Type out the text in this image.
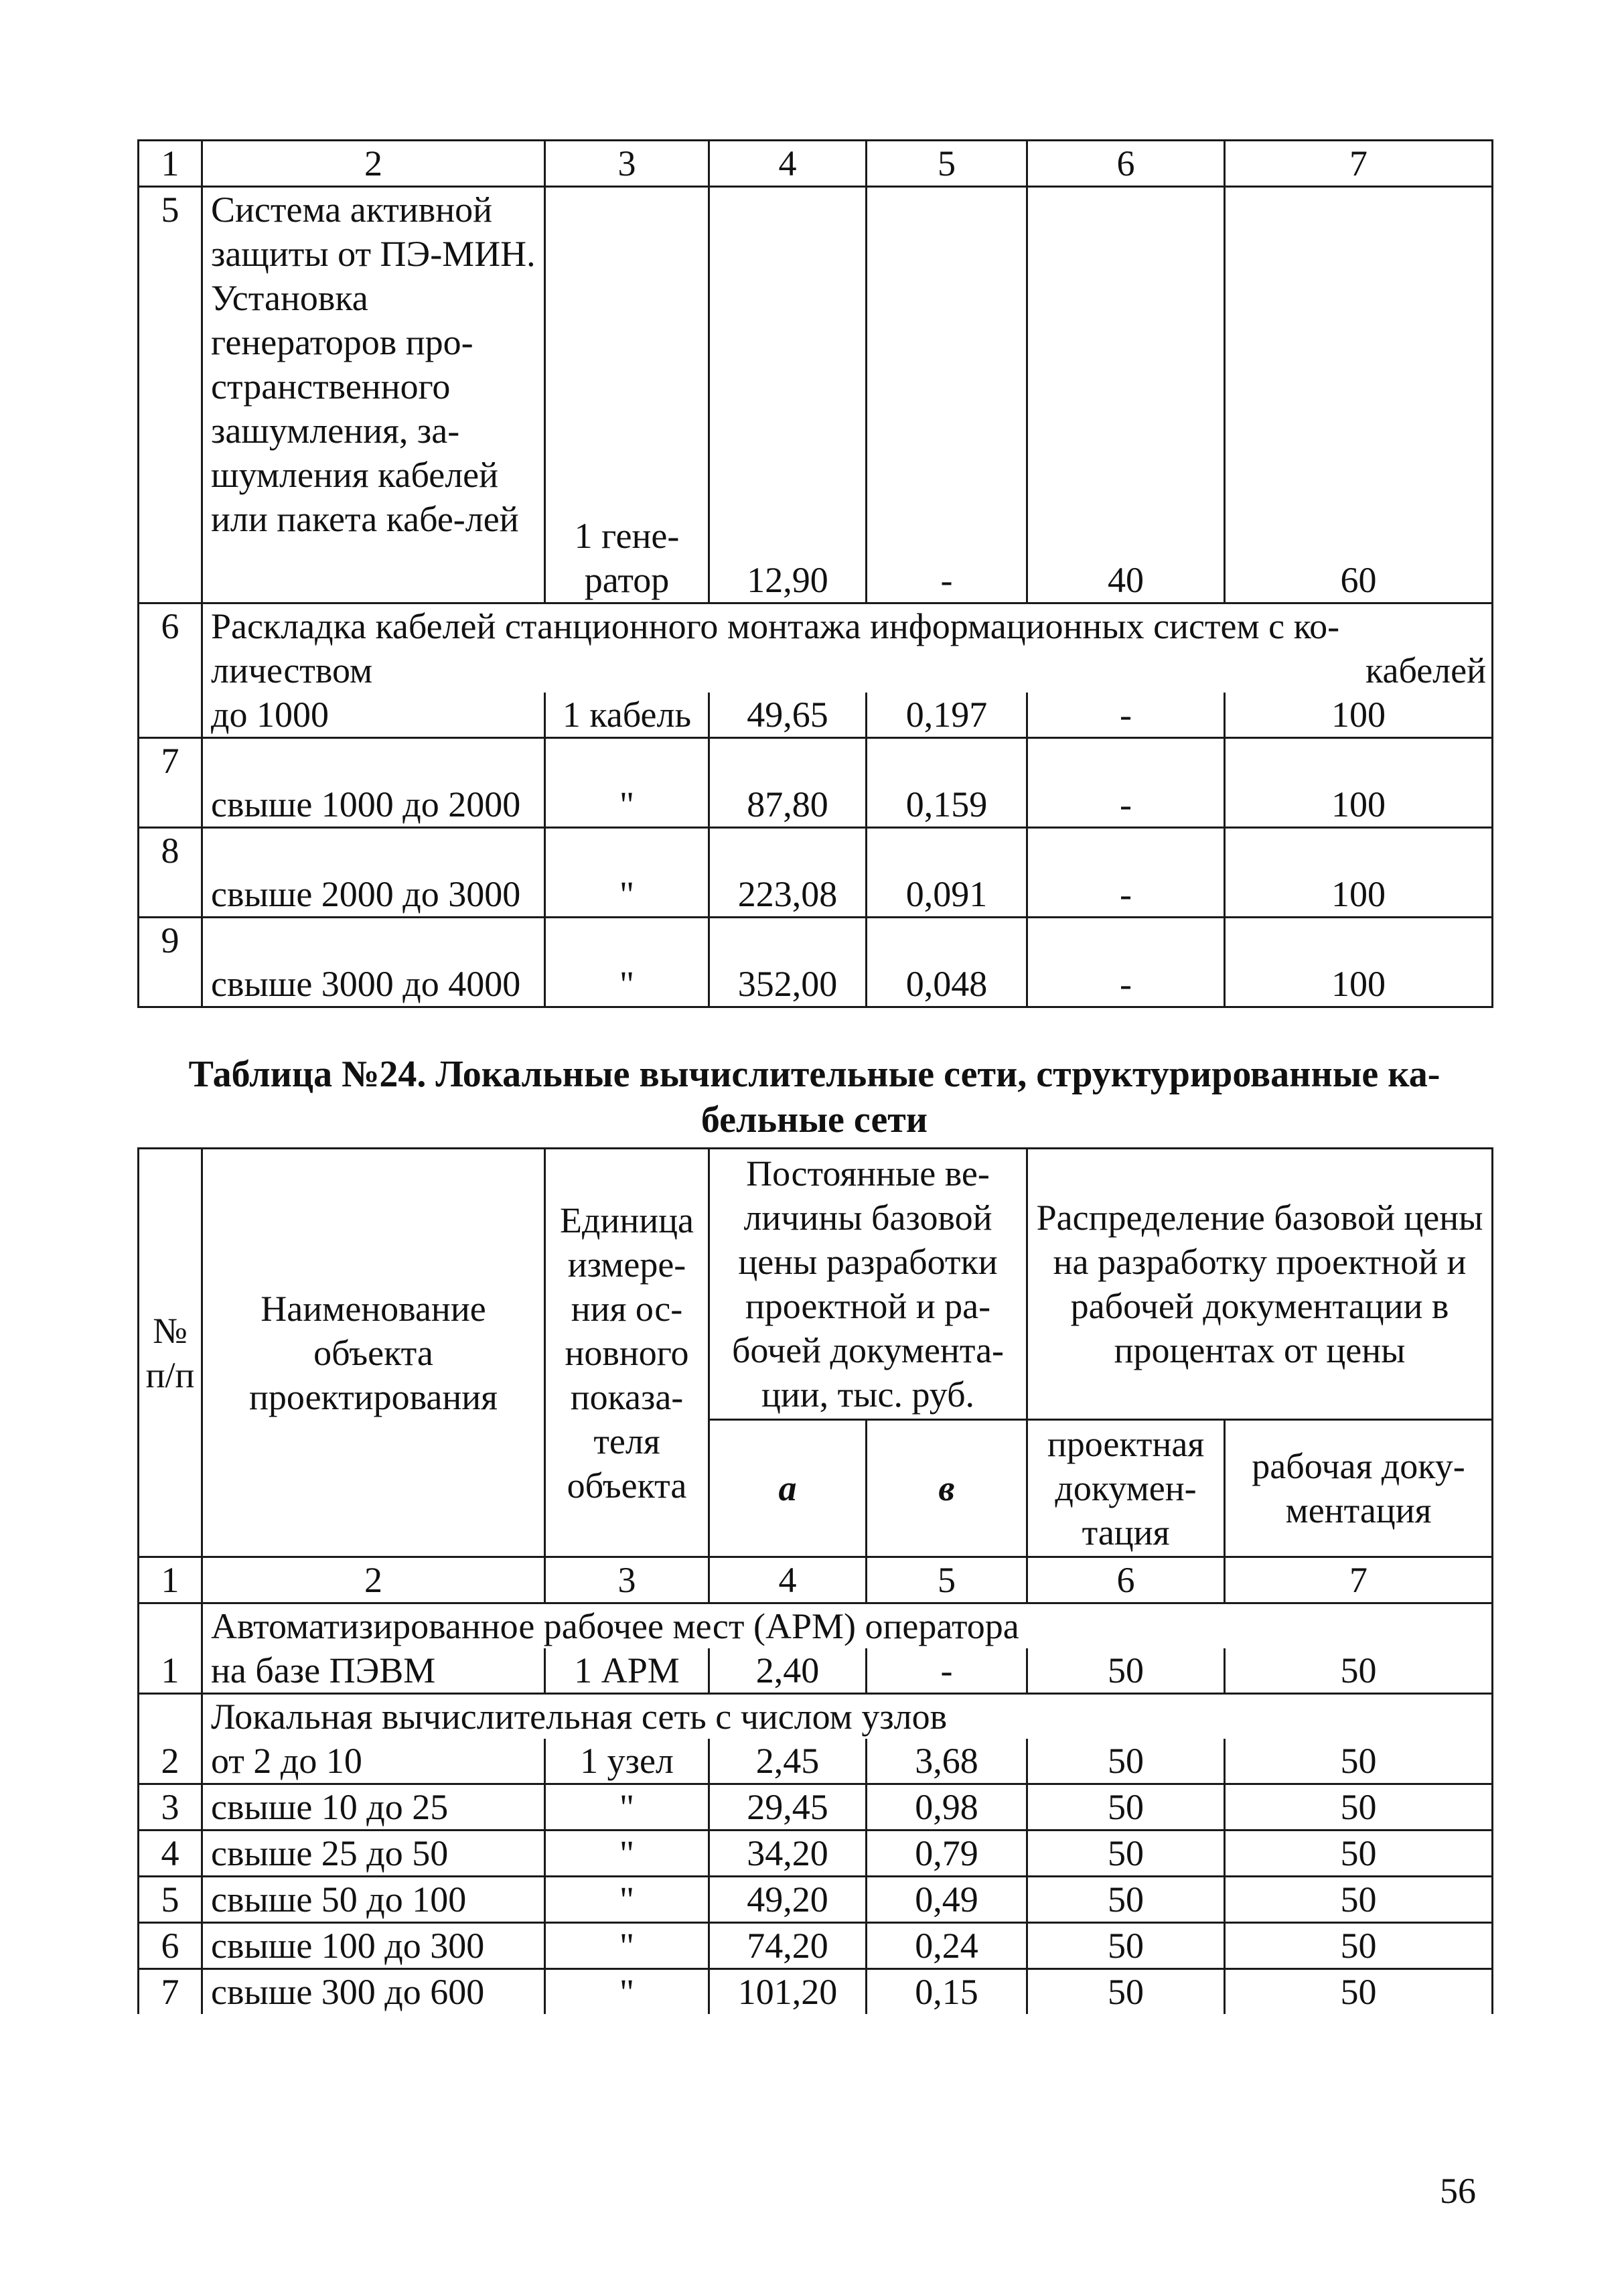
1	2	3	4	5	6	7
5	Система активной защиты от ПЭ-МИН. Установка генераторов про-странственного зашумления, за-шумления кабелей или пакета кабе-лей	1 гене-ратор	12,90	-	40	60
6	Раскладка кабелей станционного монтажа информационных систем с ко-личеством кабелей					
	до 1000	1 кабель	49,65	0,197	-	100
7	свыше 1000 до 2000	"	87,80	0,159	-	100
8	свыше 2000 до 3000	"	223,08	0,091	-	100
9	свыше 3000 до 4000	"	352,00	0,048	-	100
Таблица №24. Локальные вычислительные сети, структурированные ка-бельные сети
№ п/п	Наименование объекта проектирования	Единица измере-ния ос-новного показа-теля объекта	Постоянные ве-личины базовой цены разработки проектной и ра-бочей документа-ции, тыс. руб.		Распределение базовой цены на разработку проектной и рабочей документации в процентах от цены	
			а	в	проектная докумен-тация	рабочая доку-ментация
1	2	3	4	5	6	7
1	Автоматизированное рабочее мест (АРМ) оператора					
	на базе ПЭВМ	1 АРМ	2,40	-	50	50
2	Локальная вычислительная сеть с числом узлов					
	от 2 до 10	1 узел	2,45	3,68	50	50
3	свыше 10 до 25	"	29,45	0,98	50	50
4	свыше 25 до 50	"	34,20	0,79	50	50
5	свыше 50 до 100	"	49,20	0,49	50	50
6	свыше 100 до 300	"	74,20	0,24	50	50
7	свыше 300 до 600	"	101,20	0,15	50	50
56
